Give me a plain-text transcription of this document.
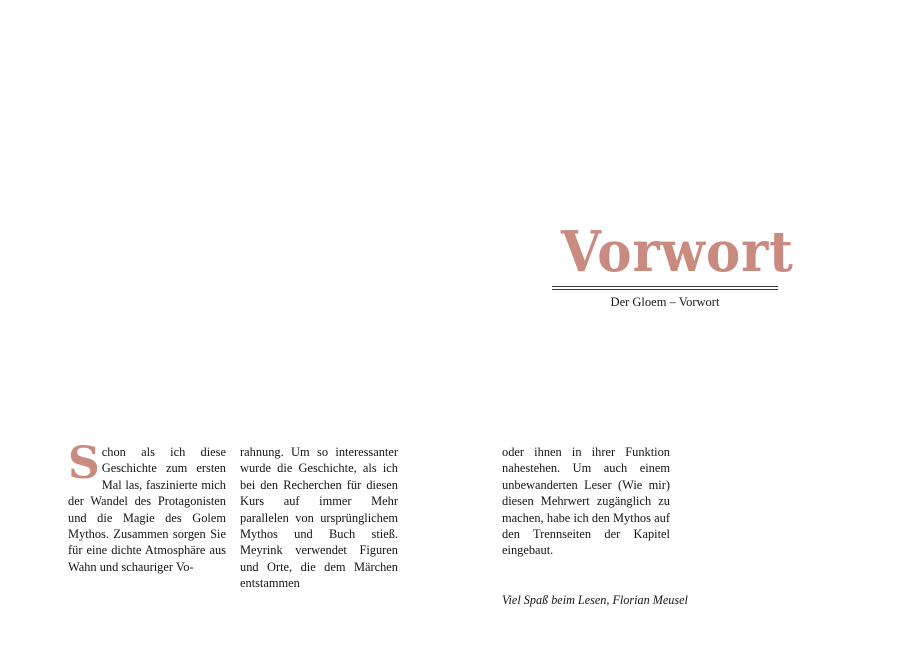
Vorwort
Der Gloem – Vorwort

Schon als ich diese Geschichte zum ersten Mal las, faszinierte mich der Wandel des Protagonisten und die Magie des Golem Mythos. Zusammen sorgen Sie für eine dichte Atmosphäre aus Wahn und schauriger Vo-

rahnung. Um so interessanter wurde die Geschichte, als ich bei den Recherchen für diesen Kurs auf immer Mehr parallelen von ursprünglichem Mythos und Buch stieß. Meyrink verwendet Figuren und Orte, die dem Märchen entstammen

oder ihnen in ihrer Funktion nahestehen. Um auch einem unbewanderten Leser (Wie mir) diesen Mehrwert zugänglich zu machen, habe ich den Mythos auf den Trennseiten der Kapitel eingebaut.

Viel Spaß beim Lesen, Florian Meusel
